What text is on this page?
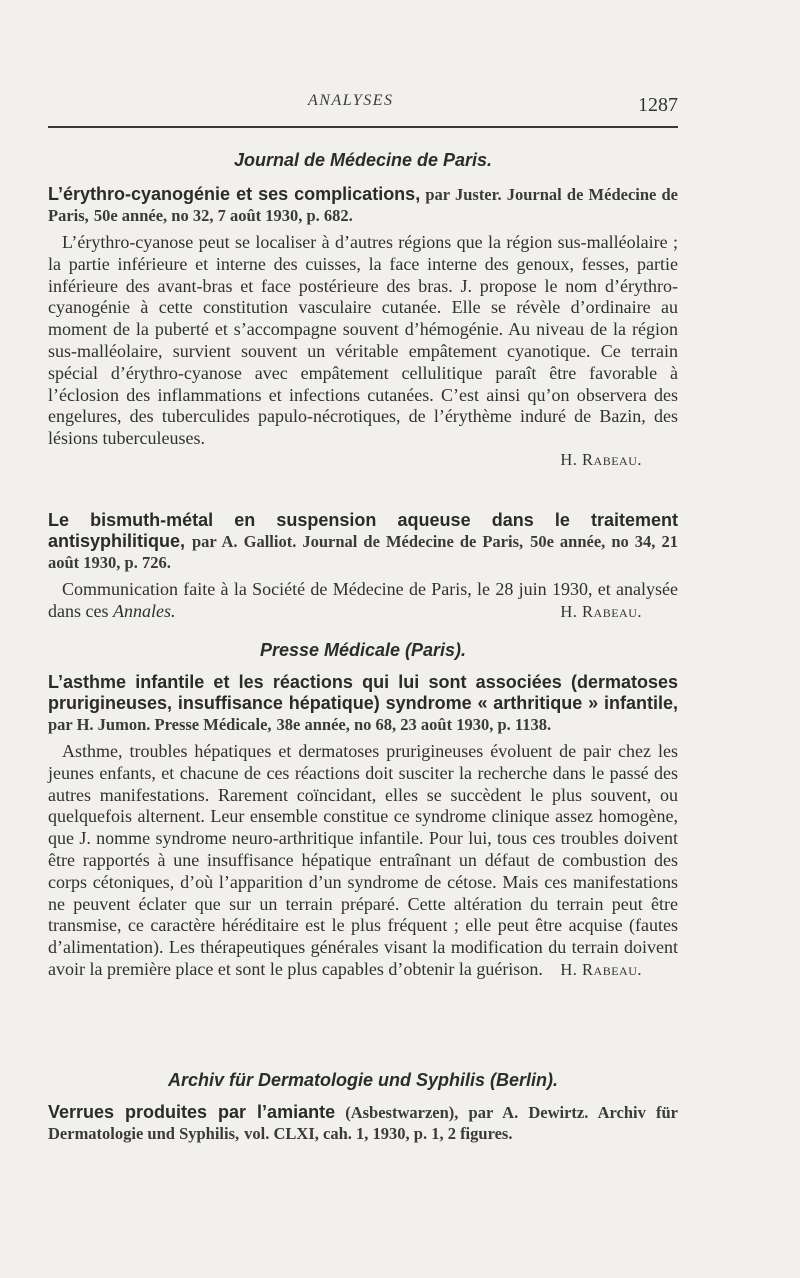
ANALYSES	1287
Journal de Médecine de Paris.
L’érythro-cyanogénie et ses complications, par Juster. Journal de Médecine de Paris, 50e année, no 32, 7 août 1930, p. 682.

L’érythro-cyanose peut se localiser à d’autres régions que la région sus-malléolaire ; la partie inférieure et interne des cuisses, la face interne des genoux, fesses, partie inférieure des avant-bras et face postérieure des bras. J. propose le nom d’érythro-cyanogénie à cette constitution vasculaire cutanée. Elle se révèle d’ordinaire au moment de la puberté et s’accompagne souvent d’hémogénie. Au niveau de la région sus-malléolaire, survient souvent un véritable empâtement cyanotique. Ce terrain spécial d’érythro-cyanose avec empâtement cellulitique paraît être favorable à l’éclosion des inflammations et infections cutanées. C’est ainsi qu’on observera des engelures, des tuberculides papulo-nécrotiques, de l’érythème induré de Bazin, des lésions tuberculeuses.

H. Rabeau.
Le bismuth-métal en suspension aqueuse dans le traitement antisyphilitique, par A. Galliot. Journal de Médecine de Paris, 50e année, no 34, 21 août 1930, p. 726.

Communication faite à la Société de Médecine de Paris, le 28 juin 1930, et analysée dans ces Annales.	H. Rabeau.

Presse Médicale (Paris).
L’asthme infantile et les réactions qui lui sont associées (dermatoses prurigineuses, insuffisance hépatique) syndrome « arthritique » infantile, par H. Jumon. Presse Médicale, 38e année, no 68, 23 août 1930, p. 1138.

Asthme, troubles hépatiques et dermatoses prurigineuses évoluent de pair chez les jeunes enfants, et chacune de ces réactions doit susciter la recherche dans le passé des autres manifestations. Rarement coïncidant, elles se succèdent le plus souvent, ou quelquefois alternent. Leur ensemble constitue ce syndrome clinique assez homogène, que J. nomme syndrome neuro-arthritique infantile. Pour lui, tous ces troubles doivent être rapportés à une insuffisance hépatique entraînant un défaut de combustion des corps cétoniques, d’où l’apparition d’un syndrome de cétose. Mais ces manifestations ne peuvent éclater que sur un terrain préparé. Cette altération du terrain peut être transmise, ce caractère héréditaire est le plus fréquent ; elle peut être acquise (fautes d’alimentation). Les thérapeutiques générales visant la modification du terrain doivent avoir la première place et sont le plus capables d’obtenir la guérison. H. Rabeau.

Archiv für Dermatologie und Syphilis (Berlin).
Verrues produites par l’amiante (Asbestwarzen), par A. Dewirtz. Archiv für Dermatologie und Syphilis, vol. CLXI, cah. 1, 1930, p. 1, 2 figures.
